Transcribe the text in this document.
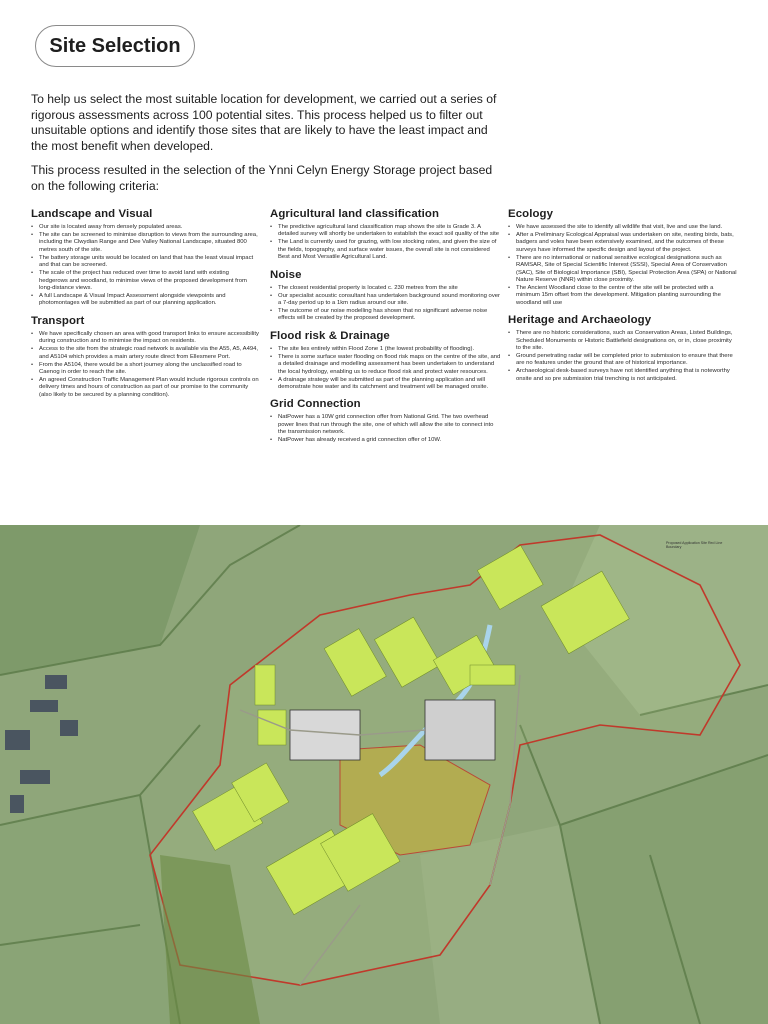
Site Selection

To help us select the most suitable location for development, we carried out a series of rigorous assessments across 100 potential sites. This process helped us to filter out unsuitable options and identify those sites that are likely to have the least impact and the most benefit when developed.

This process resulted in the selection of the Ynni Celyn Energy Storage project based on the following criteria:

Landscape and Visual
• Our site is located away from densely populated areas.
• The site can be screened to minimise disruption to views from the surrounding area, including the Clwydian Range and Dee Valley National Landscape, situated 800 metres south of the site.
• The battery storage units would be located on land that has the least visual impact and that can be screened.
• The scale of the project has reduced over time to avoid land with existing hedgerows and woodland, to minimise views of the proposed development from long-distance views.
• A full Landscape & Visual Impact Assessment alongside viewpoints and photomontages will be submitted as part of our planning application.
Transport
• We have specifically chosen an area with good transport links to ensure accessibility during construction and to minimise the impact on residents.
• Access to the site from the strategic road network is available via the A55, A5, A494, and A5104 which provides a main artery route direct from Ellesmere Port.
• From the A5104, there would be a short journey along the unclassified road to Caenog in order to reach the site.
• An agreed Construction Traffic Management Plan would include rigorous controls on delivery times and hours of construction as part of our promise to the community (also likely to be secured by a planning condition).
Agricultural land classification
• The predictive agricultural land classification map shows the site is Grade 3. A detailed survey will shortly be undertaken to establish the exact soil quality of the site
• The Land is currently used for grazing, with low stocking rates, and given the size of the fields, topography, and surface water issues, the overall site is not considered Best and Most Versatile Agricultural Land.
Noise
• The closest residential property is located c. 230 metres from the site
• Our specialist acoustic consultant has undertaken background sound monitoring over a 7-day period up to a 1km radius around our site.
• The outcome of our noise modelling has shown that no significant adverse noise effects will be created by the proposed development.
Flood risk & Drainage
• The site lies entirely within Flood Zone 1 (the lowest probability of flooding).
• There is some surface water flooding on flood risk maps on the centre of the site, and a detailed drainage and modelling assessment has been undertaken to understand the local hydrology, enabling us to reduce flood risk and protect water resources.
• A drainage strategy will be submitted as part of the planning application and will demonstrate how water and its catchment and treatment will be managed onsite.
Grid Connection
• NatPower has a 10W grid connection offer from National Grid. The two overhead power lines that run through the site, one of which will allow the site to connect into the transmission network.
• NatPower has already received a grid connection offer of 10W.
Ecology
• We have assessed the site to identify all wildlife that visit, live and use the land.
• After a Preliminary Ecological Appraisal was undertaken on site, nesting birds, bats, badgers and voles have been extensively examined, and the outcomes of these surveys have informed the specific design and layout of the project.
• There are no international or national sensitive ecological designations such as RAMSAR, Site of Special Scientific Interest (SSSI), Special Area of Conservation (SAC), Site of Biological Importance (SBI), Special Protection Area (SPA) or National Nature Reserve (NNR) within close proximity.
• The Ancient Woodland close to the centre of the site will be protected with a minimum 15m offset from the development. Mitigation planting surrounding the woodland will use
Heritage and Archaeology
• There are no historic considerations, such as Conservation Areas, Listed Buildings, Scheduled Monuments or Historic Battlefield designations on, or in, close proximity to the site.
• Ground penetrating radar will be completed prior to submission to ensure that there are no features under the ground that are of historical importance.
• Archaeological desk-based surveys have not identified anything that is noteworthy onsite and so pre submission trial trenching is not anticipated.
Proposed Application Site Red Line Boundary
